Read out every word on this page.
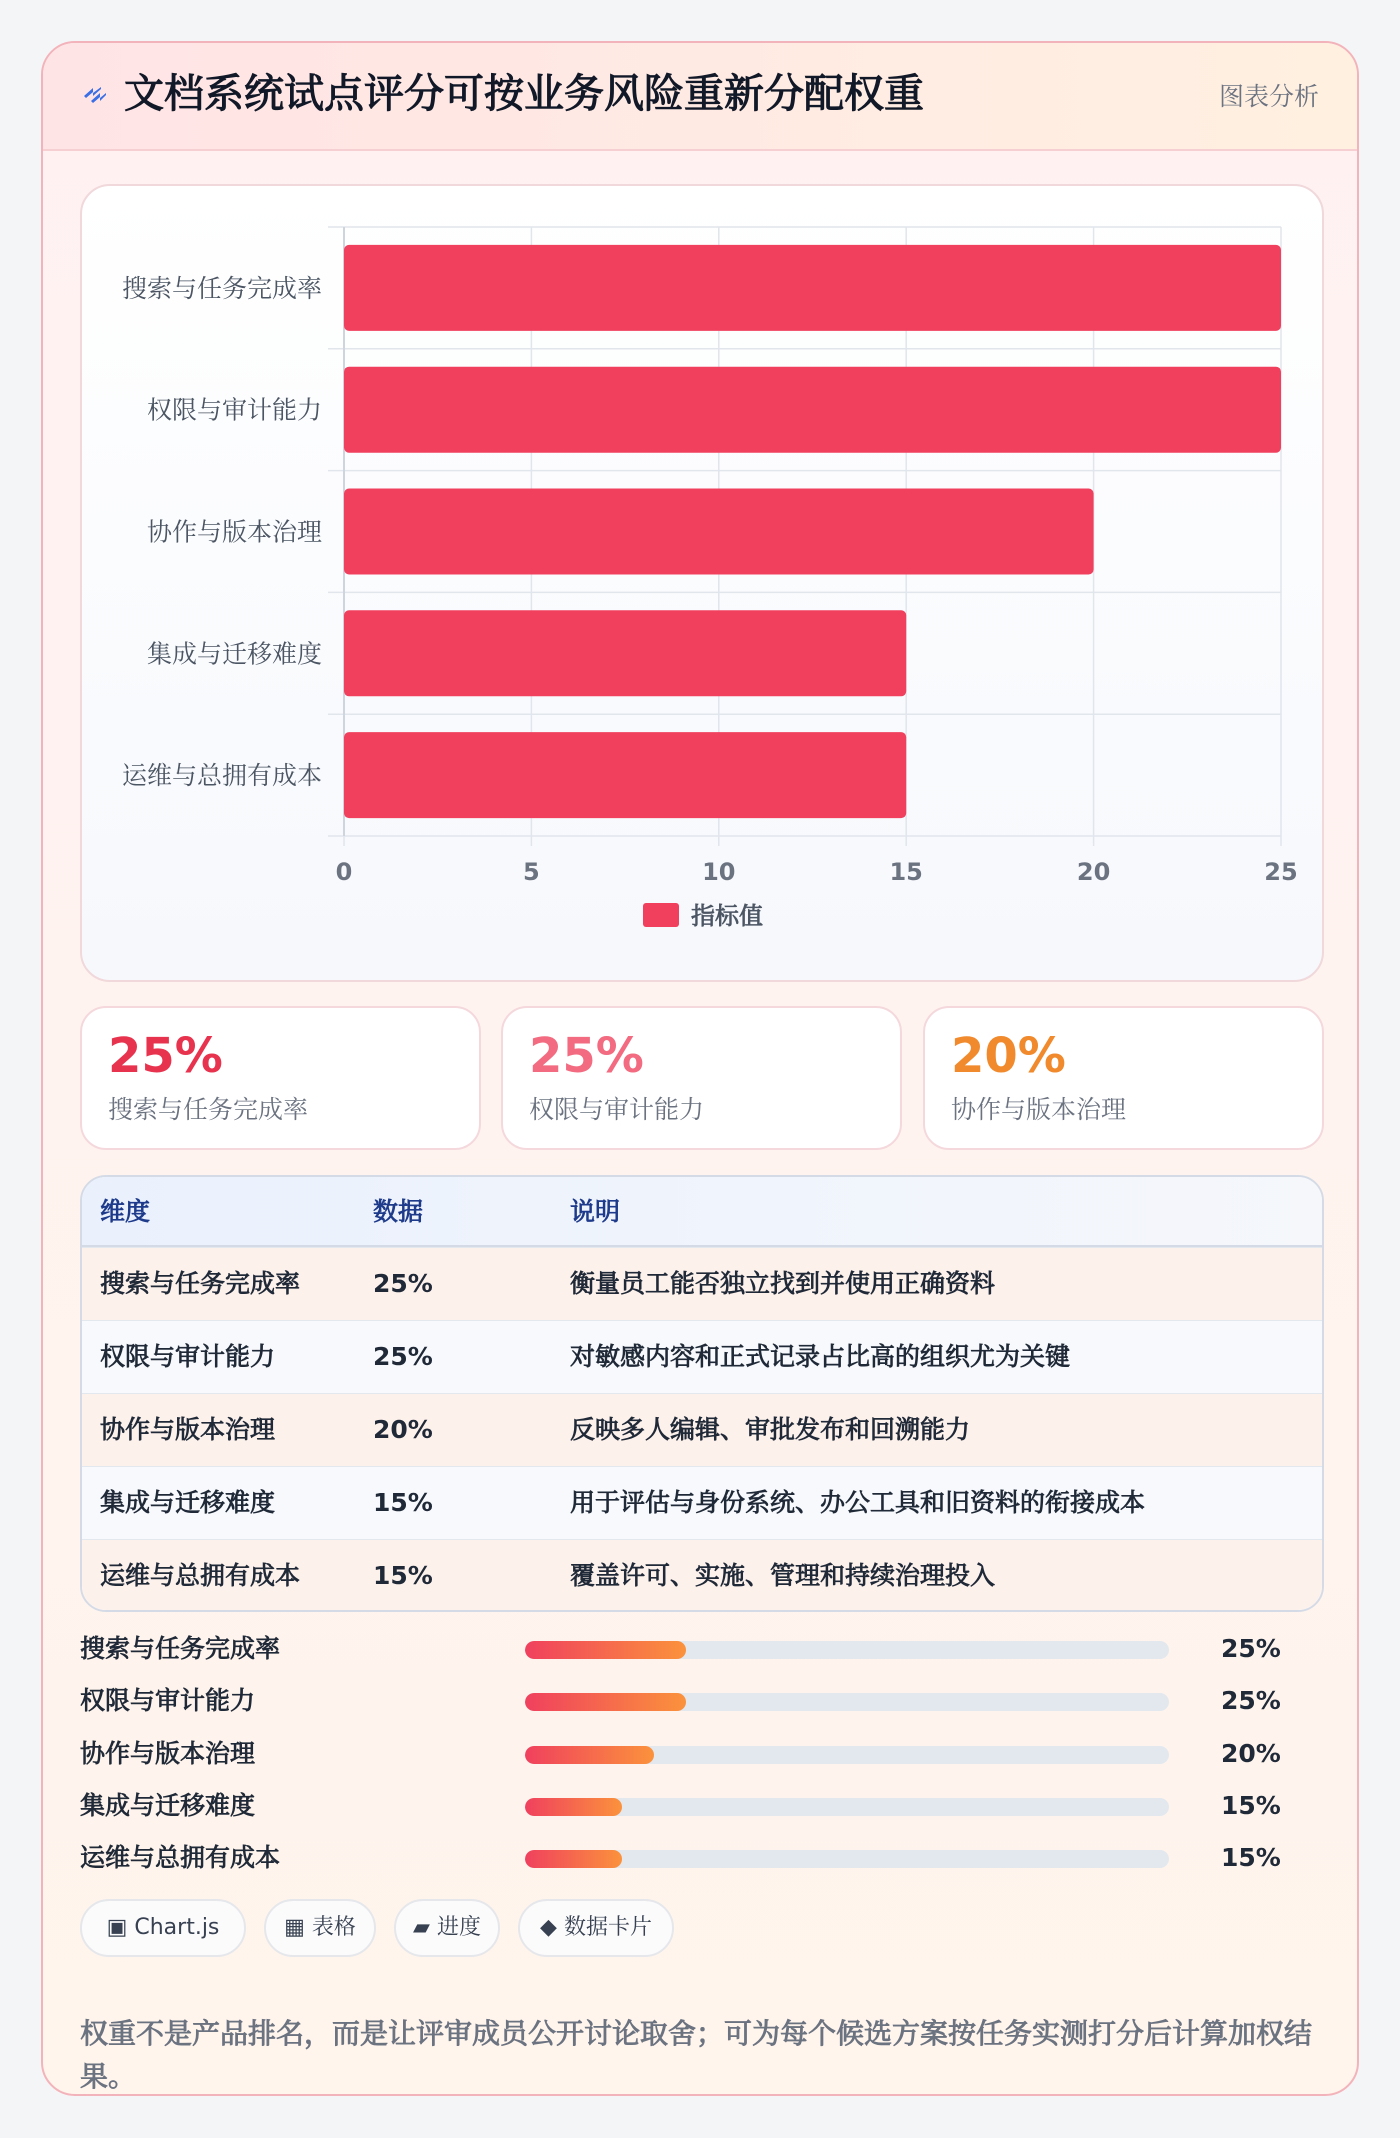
文档系统试点评分可按业务风险重新分配权重	图表分析
0	5	10	15	20	25
搜索与任务完成率
权限与审计能力
协作与版本治理
集成与迁移难度
运维与总拥有成本
指标值
25%
搜索与任务完成率
25%
权限与审计能力
20%
协作与版本治理
维度	数据	说明
搜索与任务完成率	25%	衡量员工能否独立找到并使用正确资料
权限与审计能力	25%	对敏感内容和正式记录占比高的组织尤为关键
协作与版本治理	20%	反映多人编辑、审批发布和回溯能力
集成与迁移难度	15%	用于评估与身份系统、办公工具和旧资料的衔接成本
运维与总拥有成本	15%	覆盖许可、实施、管理和持续治理投入
搜索与任务完成率	25%
权限与审计能力	25%
协作与版本治理	20%
集成与迁移难度	15%
运维与总拥有成本	15%
▣ Chart.js	▦ 表格	▰ 进度	◆ 数据卡片
权重不是产品排名，而是让评审成员公开讨论取舍；可为每个候选方案按任务实测打分后计算加权结果。
